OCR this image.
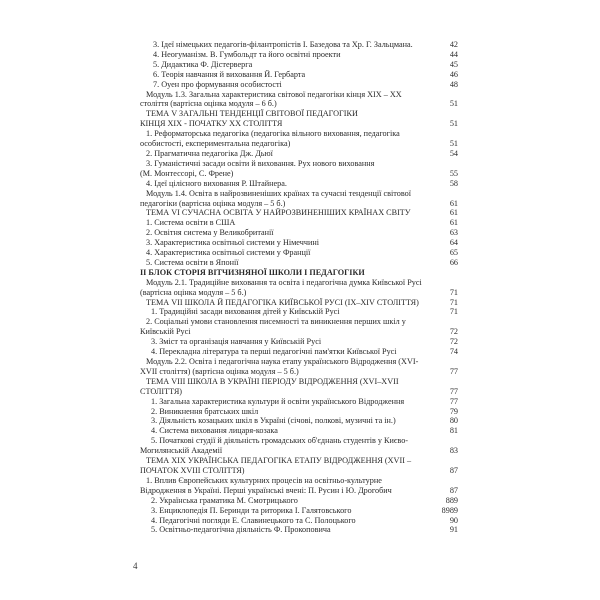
3. Ідеї німецьких педагогів-філантропістів І. Базедова та Хр. Г. Зальцмана.	42
4. Неогуманізм. В. Гумбольдт та його освітні проекти	44
5. Дидактика Ф. Дістерверга	45
6. Теорія навчання й виховання Й. Гербарта	46
7. Оуен про формування особистості	48
Модуль 1.3. Загальна характеристика світової педагогіки кінця ХІХ – ХХ
століття (вартісна оцінка модуля – 6 б.)	51
ТЕМА V ЗАГАЛЬНІ ТЕНДЕНЦІЇ СВІТОВОЇ ПЕДАГОГІКИ
КІНЦЯ ХІХ - ПОЧАТКУ ХХ СТОЛІТТЯ	51
1. Реформаторська педагогіка (педагогіка вільного виховання, педагогіка
особистості, експериментальна педагогіка)	51
2. Прагматична педагогіка Дж. Дьюї	54
3. Гуманістичні засади освіти й виховання. Рух нового виховання
(М. Монтессорі, С. Френе)	55
4. Ідеї цілісного виховання Р. Штайнера.	58
Модуль 1.4. Освіта в найрозвиненіших країнах та сучасні тенденції світової
педагогіки (вартісна оцінка модуля – 5 б.)	61
ТЕМА VІ СУЧАСНА ОСВІТА У НАЙРОЗВИНЕНІШИХ КРАЇНАХ СВІТУ	61
1. Система освіти в США	61
2. Освітня система у Великобританії	63
3. Характеристика освітньої системи у Німеччині	64
4. Характеристика освітньої системи у Франції	65
5. Система освіти в Японії	66
ІІ БЛОК СТОРІЯ ВІТЧИЗНЯНОЇ ШКОЛИ І ПЕДАГОГІКИ
Модуль 2.1. Традиційне виховання та освіта і педагогічна думка Київської Русі
(вартісна оцінка модуля – 5 б.)	71
ТЕМА VІІ ШКОЛА Й ПЕДАГОГІКА КИЇВСЬКОЇ РУСІ (ІХ–XIV СТОЛІТТЯ)	71
1. Традиційні засади виховання дітей у Київській Русі	71
2. Соціальні умови становлення писемності та виникнення перших шкіл у
Київській Русі	72
3. Зміст та організація навчання у Київській Русі	72
4. Перекладна література та перші педагогічні пам'ятки Київської Русі	74
Модуль 2.2. Освіта і педагогічна наука етапу українського Відродження (XVI-
XVII століття) (вартісна оцінка модуля – 5 б.)	77
ТЕМА VІІІ ШКОЛА В УКРАЇНІ ПЕРІОДУ ВІДРОДЖЕННЯ (XVI–XVII
СТОЛІТТЯ)	77
1. Загальна характеристика культури й освіти українського Відродження	77
2. Виникнення братських шкіл	79
3. Діяльність козацьких шкіл в Україні (січові, полкові, музичні та ін.)	80
4. Система виховання лицаря-козака	81
5. Початкові студії й діяльність громадських об'єднань студентів у Києво-
Могилянській Академії	83
ТЕМА ХІХ УКРАЇНСЬКА ПЕДАГОГІКА ЕТАПУ ВІДРОДЖЕННЯ (XVII –
ПОЧАТОК XVIII СТОЛІТТЯ)	87
1. Вплив Європейських культурних процесів на освітньо-культурне
Відродження в Україні. Перші українські вчені: П. Русин і Ю. Дрогобич	87
2. Українська граматика М. Смотрицького	889
3. Енциклопедія П. Беринди та риторика І. Галятовського	8989
4. Педагогічні погляди Е. Славинецького та С. Полоцького	90
5. Освітньо-педагогічна діяльність Ф. Прокоповича	91
4
